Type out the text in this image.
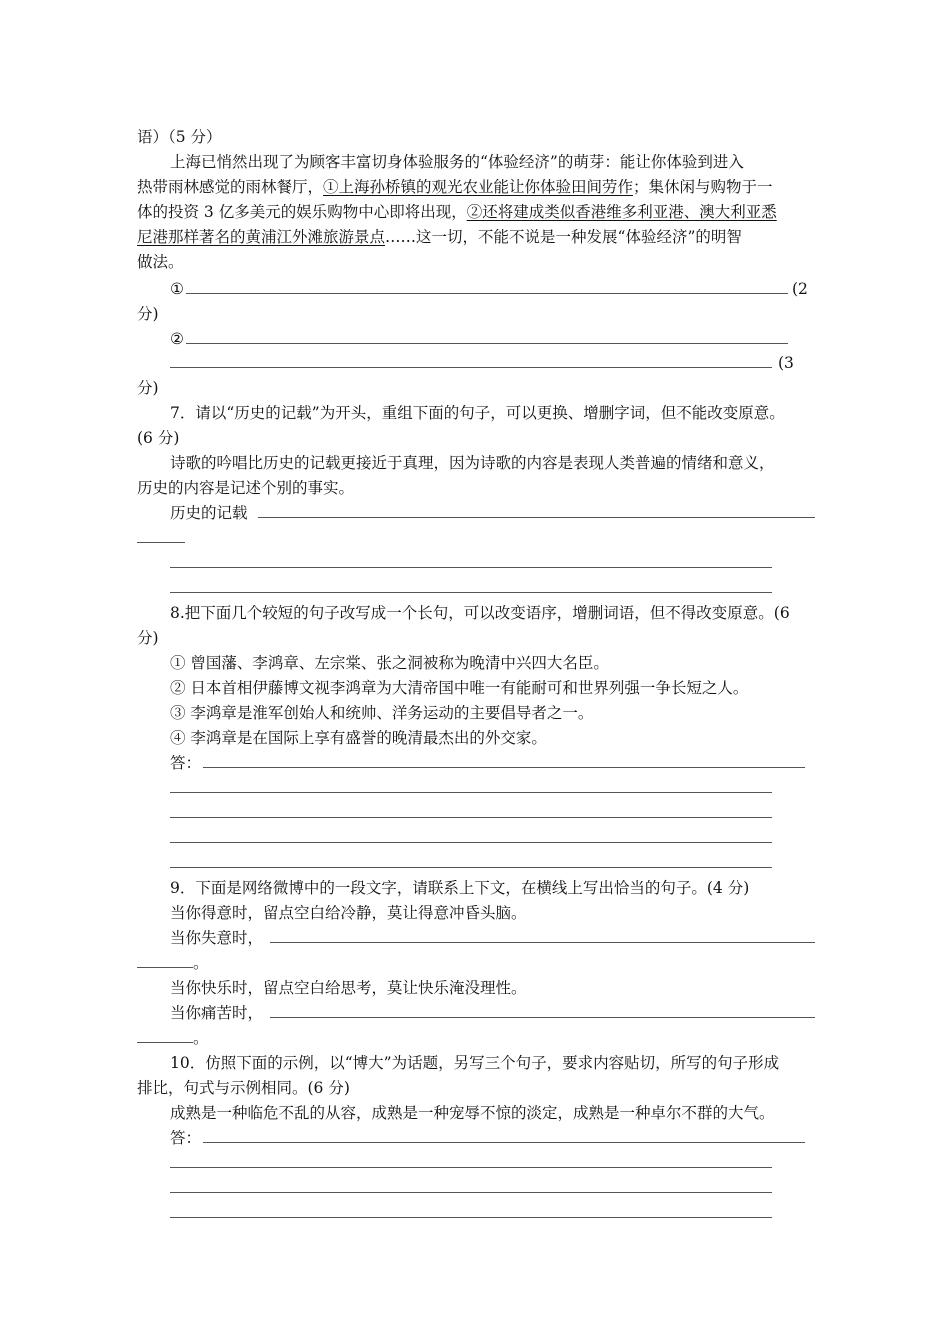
语）（5 分）
上海已悄然出现了为顾客丰富切身体验服务的“体验经济”的萌芽：能让你体验到进入
热带雨林感觉的雨林餐厅，①上海孙桥镇的观光农业能让你体验田间劳作；集休闲与购物于一
体的投资 3 亿多美元的娱乐购物中心即将出现，②还将建成类似香港维多利亚港、澳大利亚悉
尼港那样著名的黄浦江外滩旅游景点……这一切，不能不说是一种发展“体验经济”的明智
做法。
①	(2
分)
②
(3
分)
7．请以“历史的记载”为开头，重组下面的句子，可以更换、增删字词，但不能改变原意。
(6 分)
诗歌的吟唱比历史的记载更接近于真理，因为诗歌的内容是表现人类普遍的情绪和意义，
历史的内容是记述个别的事实。
历史的记载
8.把下面几个较短的句子改写成一个长句，可以改变语序，增删词语，但不得改变原意。(6
分)
① 曾国藩、李鸿章、左宗棠、张之洞被称为晚清中兴四大名臣。
② 日本首相伊藤博文视李鸿章为大清帝国中唯一有能耐可和世界列强一争长短之人。
③ 李鸿章是淮军创始人和统帅、洋务运动的主要倡导者之一。
④ 李鸿章是在国际上享有盛誉的晚清最杰出的外交家。
答：
9．下面是网络微博中的一段文字，请联系上下文，在横线上写出恰当的句子。(4 分)
当你得意时，留点空白给冷静，莫让得意冲昏头脑。
当你失意时，
。
当你快乐时，留点空白给思考，莫让快乐淹没理性。
当你痛苦时，
。
10．仿照下面的示例，以“博大”为话题，另写三个句子，要求内容贴切，所写的句子形成
排比，句式与示例相同。(6 分)
成熟是一种临危不乱的从容，成熟是一种宠辱不惊的淡定，成熟是一种卓尔不群的大气。
答：
